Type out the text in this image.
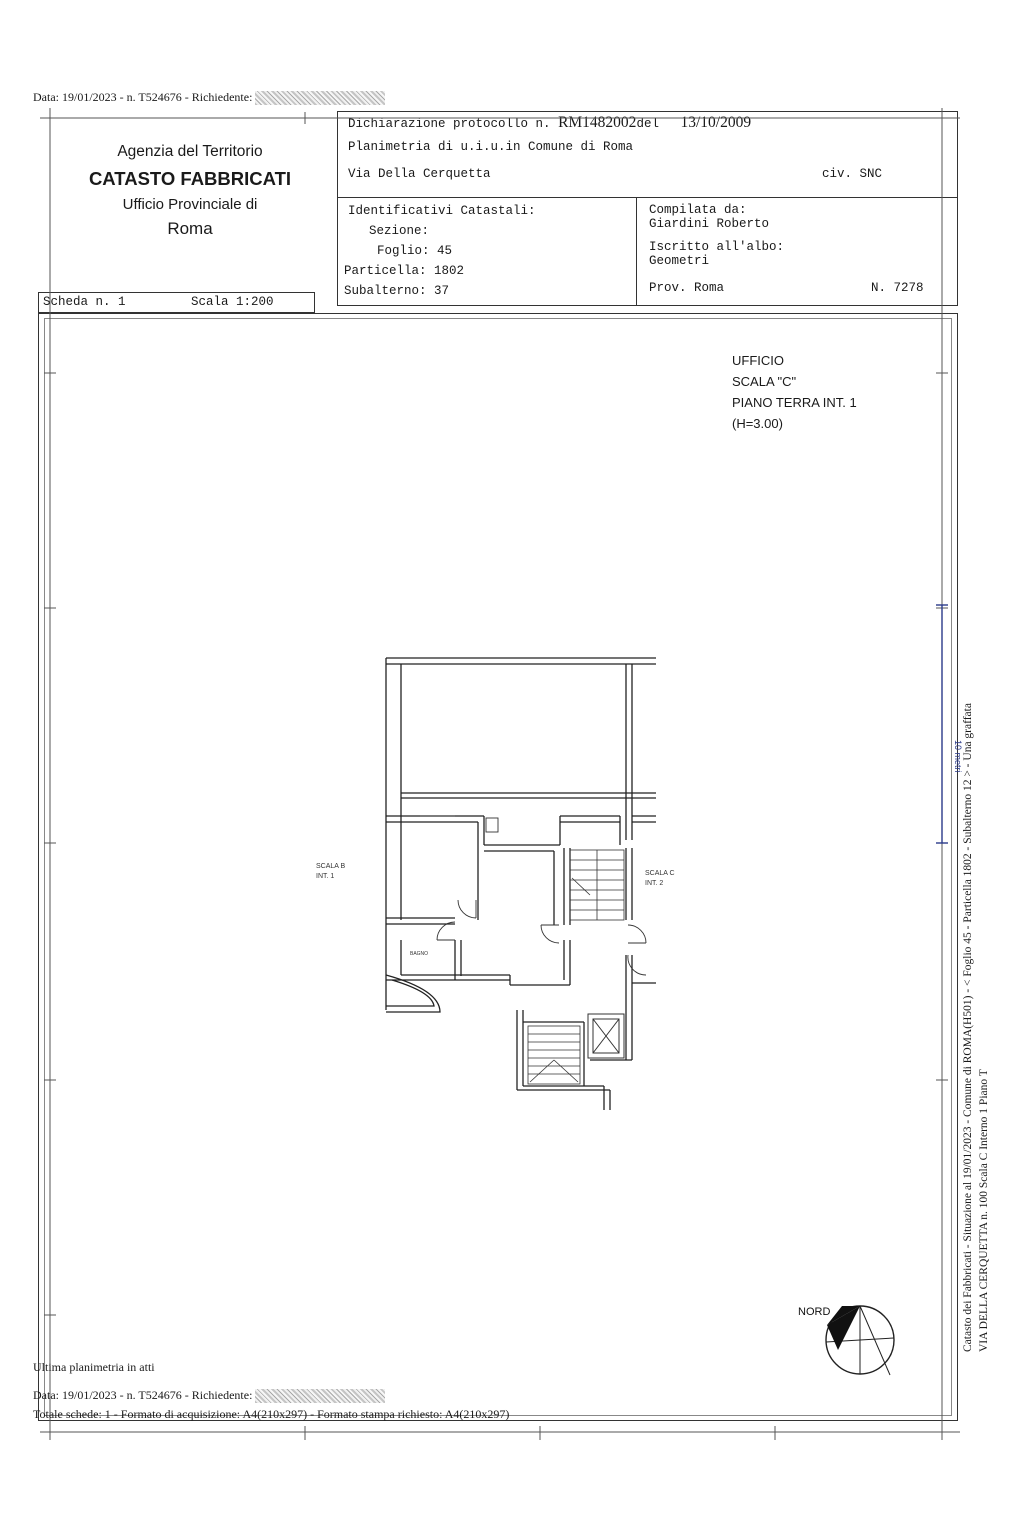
Data: 19/01/2023 - n. T524676 - Richiedente:
Agenzia del Territorio
CATASTO FABBRICATI
Ufficio Provinciale di
Roma
Scheda n. 1	Scala 1:200
Dichiarazione protocollo n. RM1482002del 13/10/2009
Planimetria di u.i.u.in Comune di Roma
Via Della Cerquetta	civ. SNC
Identificativi Catastali:
Sezione:
Foglio: 45
Particella: 1802
Subalterno: 37
Compilata da:
Giardini Roberto
Iscritto all'albo:
Geometri
Prov. Roma	N. 7278
UFFICIO
SCALA "C"
PIANO TERRA INT. 1
(H=3.00)
10 metri
SCALA B
INT. 1	SCALA C
INT. 2
BAGNO
NORD	Catasto dei Fabbricati - Situazione al 19/01/2023 - Comune di ROMA(H501) - < Foglio 45 - Particella 1802 - Subalterno 12 > - Una graffata VIA DELLA CERQUETTA n. 100 Scala C Interno 1 Piano T
Ultima planimetria in atti
Data: 19/01/2023 - n. T524676 - Richiedente:
Totale schede: 1 - Formato di acquisizione: A4(210x297) - Formato stampa richiesto: A4(210x297)
